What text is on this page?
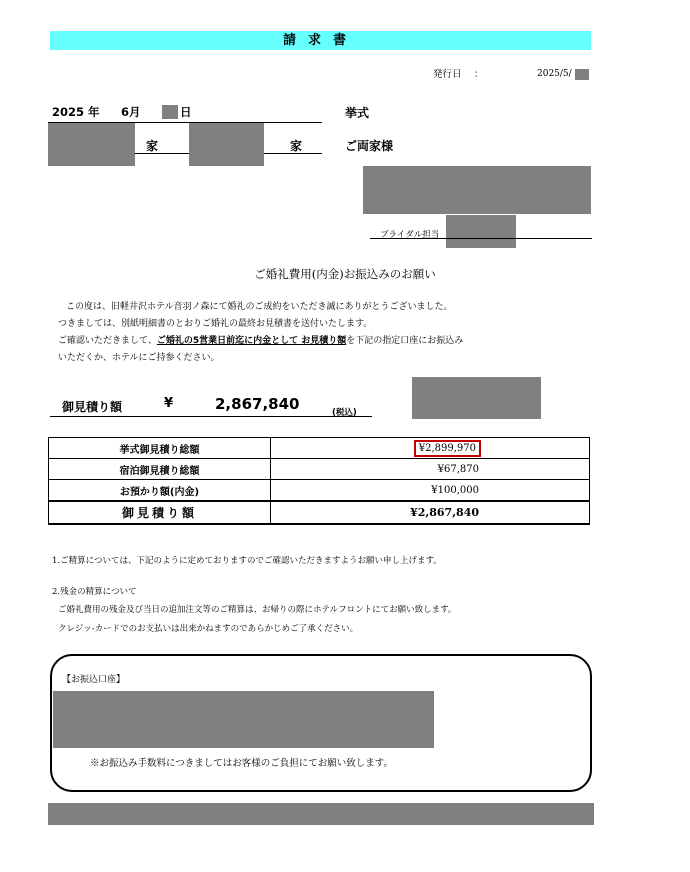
請求書
発行日 ：	2025/5/
2025 年 6月	日	挙式
家	家	ご両家様
ブライダル担当
ご婚礼費用(内金)お振込みのお願い
この度は、旧軽井沢ホテル音羽ノ森にて婚礼のご成約をいただき誠にありがとうございました。
つきましては、別紙明細書のとおりご婚礼の最終お見積書を送付いたします。
ご確認いただきまして、ご婚礼の5営業日前迄に内金として お見積り額を下記の指定口座にお振込み
いただくか、ホテルにご持参ください。
御見積り額	¥	2,867,840	(税込)
挙式御見積り総額	¥2,899,970
宿泊御見積り総額	¥67,870
お預かり額(内金)	¥100,000
御見積り額	¥2,867,840
1.ご精算については、下記のように定めておりますのでご確認いただきますようお願い申し上げます。
2.残金の精算について
ご婚礼費用の残金及び当日の追加注文等のご精算は、お帰りの際にホテルフロントにてお願い致します。
クレジッ-カードでのお支払いは出来かねますのであらかじめご了承ください。
【お振込口座】
※お振込み手数料につきましてはお客様のご負担にてお願い致します。
